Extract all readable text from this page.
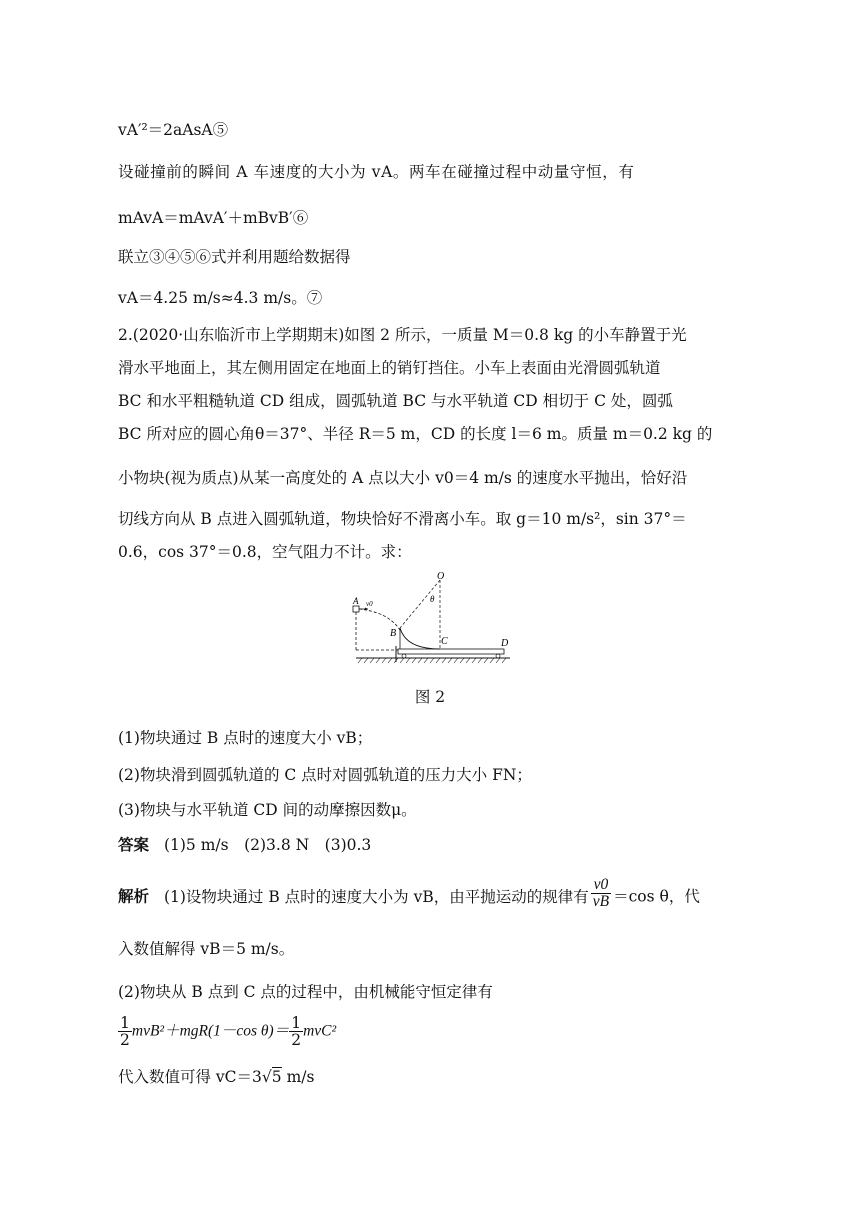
vA′²＝2aAsA⑤
设碰撞前的瞬间 A 车速度的大小为 vA。两车在碰撞过程中动量守恒，有
mAvA＝mAvA′＋mBvB′⑥
联立③④⑤⑥式并利用题给数据得
vA＝4.25 m/s≈4.3 m/s。⑦
2.(2020·山东临沂市上学期期末)如图 2 所示，一质量 M＝0.8 kg 的小车静置于光
滑水平地面上，其左侧用固定在地面上的销钉挡住。小车上表面由光滑圆弧轨道
BC 和水平粗糙轨道 CD 组成，圆弧轨道 BC 与水平轨道 CD 相切于 C 处，圆弧
BC 所对应的圆心角θ＝37°、半径 R＝5 m，CD 的长度 l＝6 m。质量 m＝0.2 kg 的
小物块(视为质点)从某一高度处的 A 点以大小 v0＝4 m/s 的速度水平抛出，恰好沿
切线方向从 B 点进入圆弧轨道，物块恰好不滑离小车。取 g＝10 m/s²，sin 37°＝
0.6，cos 37°＝0.8，空气阻力不计。求：
O
θ
A v0
B
C	D
图 2
(1)物块通过 B 点时的速度大小 vB；
(2)物块滑到圆弧轨道的 C 点时对圆弧轨道的压力大小 FN；
(3)物块与水平轨道 CD 间的动摩擦因数μ。
答案 (1)5 m/s　(2)3.8 N　(3)0.3
解析 (1)设物块通过 B 点时的速度大小为 vB，由平抛运动的规律有 $\frac{v0}{vB} =\cos$ θ，代
入数值解得 vB＝5 m/s。
(2)物块从 B 点到 C 点的过程中，由机械能守恒定律有
$\frac{1}{2} mvB^2+mgR(1-\cos$ $\theta)= \frac{1}{2} mvC^2$
代入数值可得 vC＝3√5 m/s
